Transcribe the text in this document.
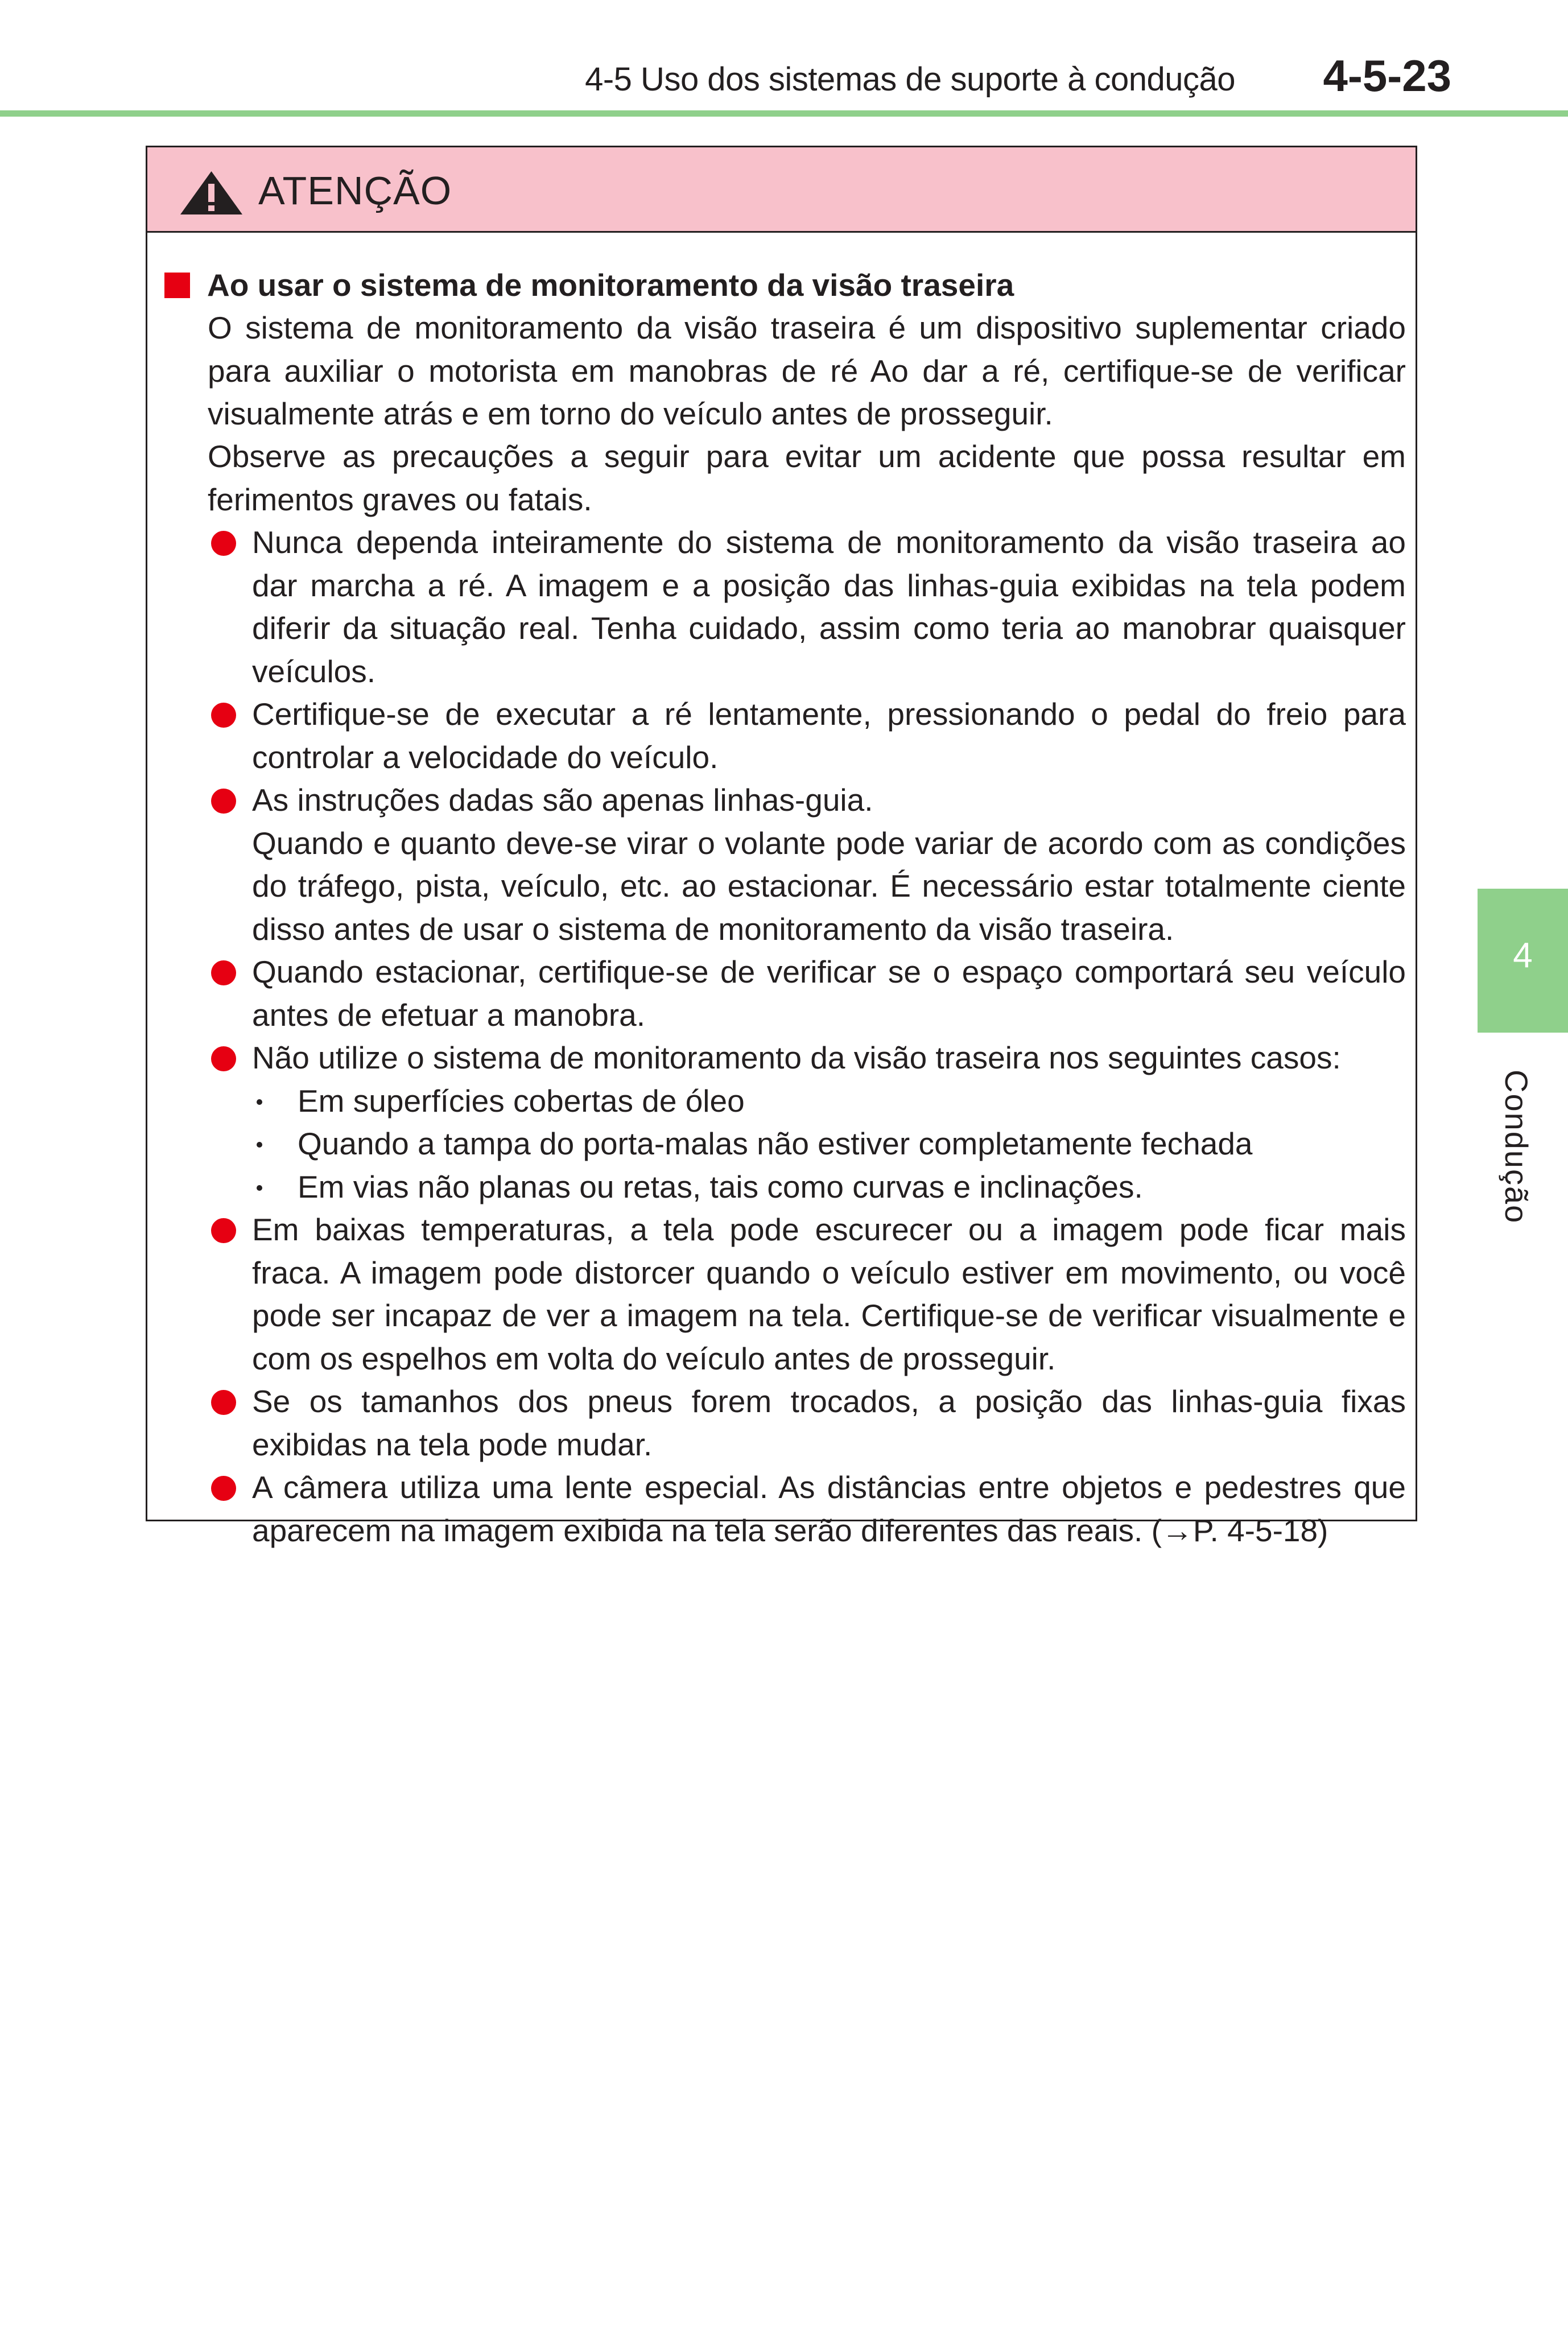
4-5 Uso dos sistemas de suporte à condução 4-5-23
ATENÇÃO
Ao usar o sistema de monitoramento da visão traseira
O sistema de monitoramento da visão traseira é um dispositivo suplementar criado para auxiliar o motorista em manobras de ré Ao dar a ré, certifique-se de verificar visualmente atrás e em torno do veículo antes de prosseguir.
Observe as precauções a seguir para evitar um acidente que possa resultar em ferimentos graves ou fatais.
Nunca dependa inteiramente do sistema de monitoramento da visão traseira ao dar marcha a ré. A imagem e a posição das linhas-guia exibidas na tela podem diferir da situação real. Tenha cuidado, assim como teria ao manobrar quaisquer veículos.
Certifique-se de executar a ré lentamente, pressionando o pedal do freio para controlar a velocidade do veículo.
As instruções dadas são apenas linhas-guia.
Quando e quanto deve-se virar o volante pode variar de acordo com as condições do tráfego, pista, veículo, etc. ao estacionar. É necessário estar totalmente ciente disso antes de usar o sistema de monitoramento da visão traseira.
Quando estacionar, certifique-se de verificar se o espaço comportará seu veículo antes de efetuar a manobra.
Não utilize o sistema de monitoramento da visão traseira nos seguintes casos:
Em superfícies cobertas de óleo
Quando a tampa do porta-malas não estiver completamente fechada
Em vias não planas ou retas, tais como curvas e inclinações.
Em baixas temperaturas, a tela pode escurecer ou a imagem pode ficar mais fraca. A imagem pode distorcer quando o veículo estiver em movimento, ou você pode ser incapaz de ver a imagem na tela. Certifique-se de verificar visualmente e com os espelhos em volta do veículo antes de prosseguir.
Se os tamanhos dos pneus forem trocados, a posição das linhas-guia fixas exibidas na tela pode mudar.
A câmera utiliza uma lente especial. As distâncias entre objetos e pedestres que aparecem na imagem exibida na tela serão diferentes das reais. (→P. 4-5-18)
4
Condução
